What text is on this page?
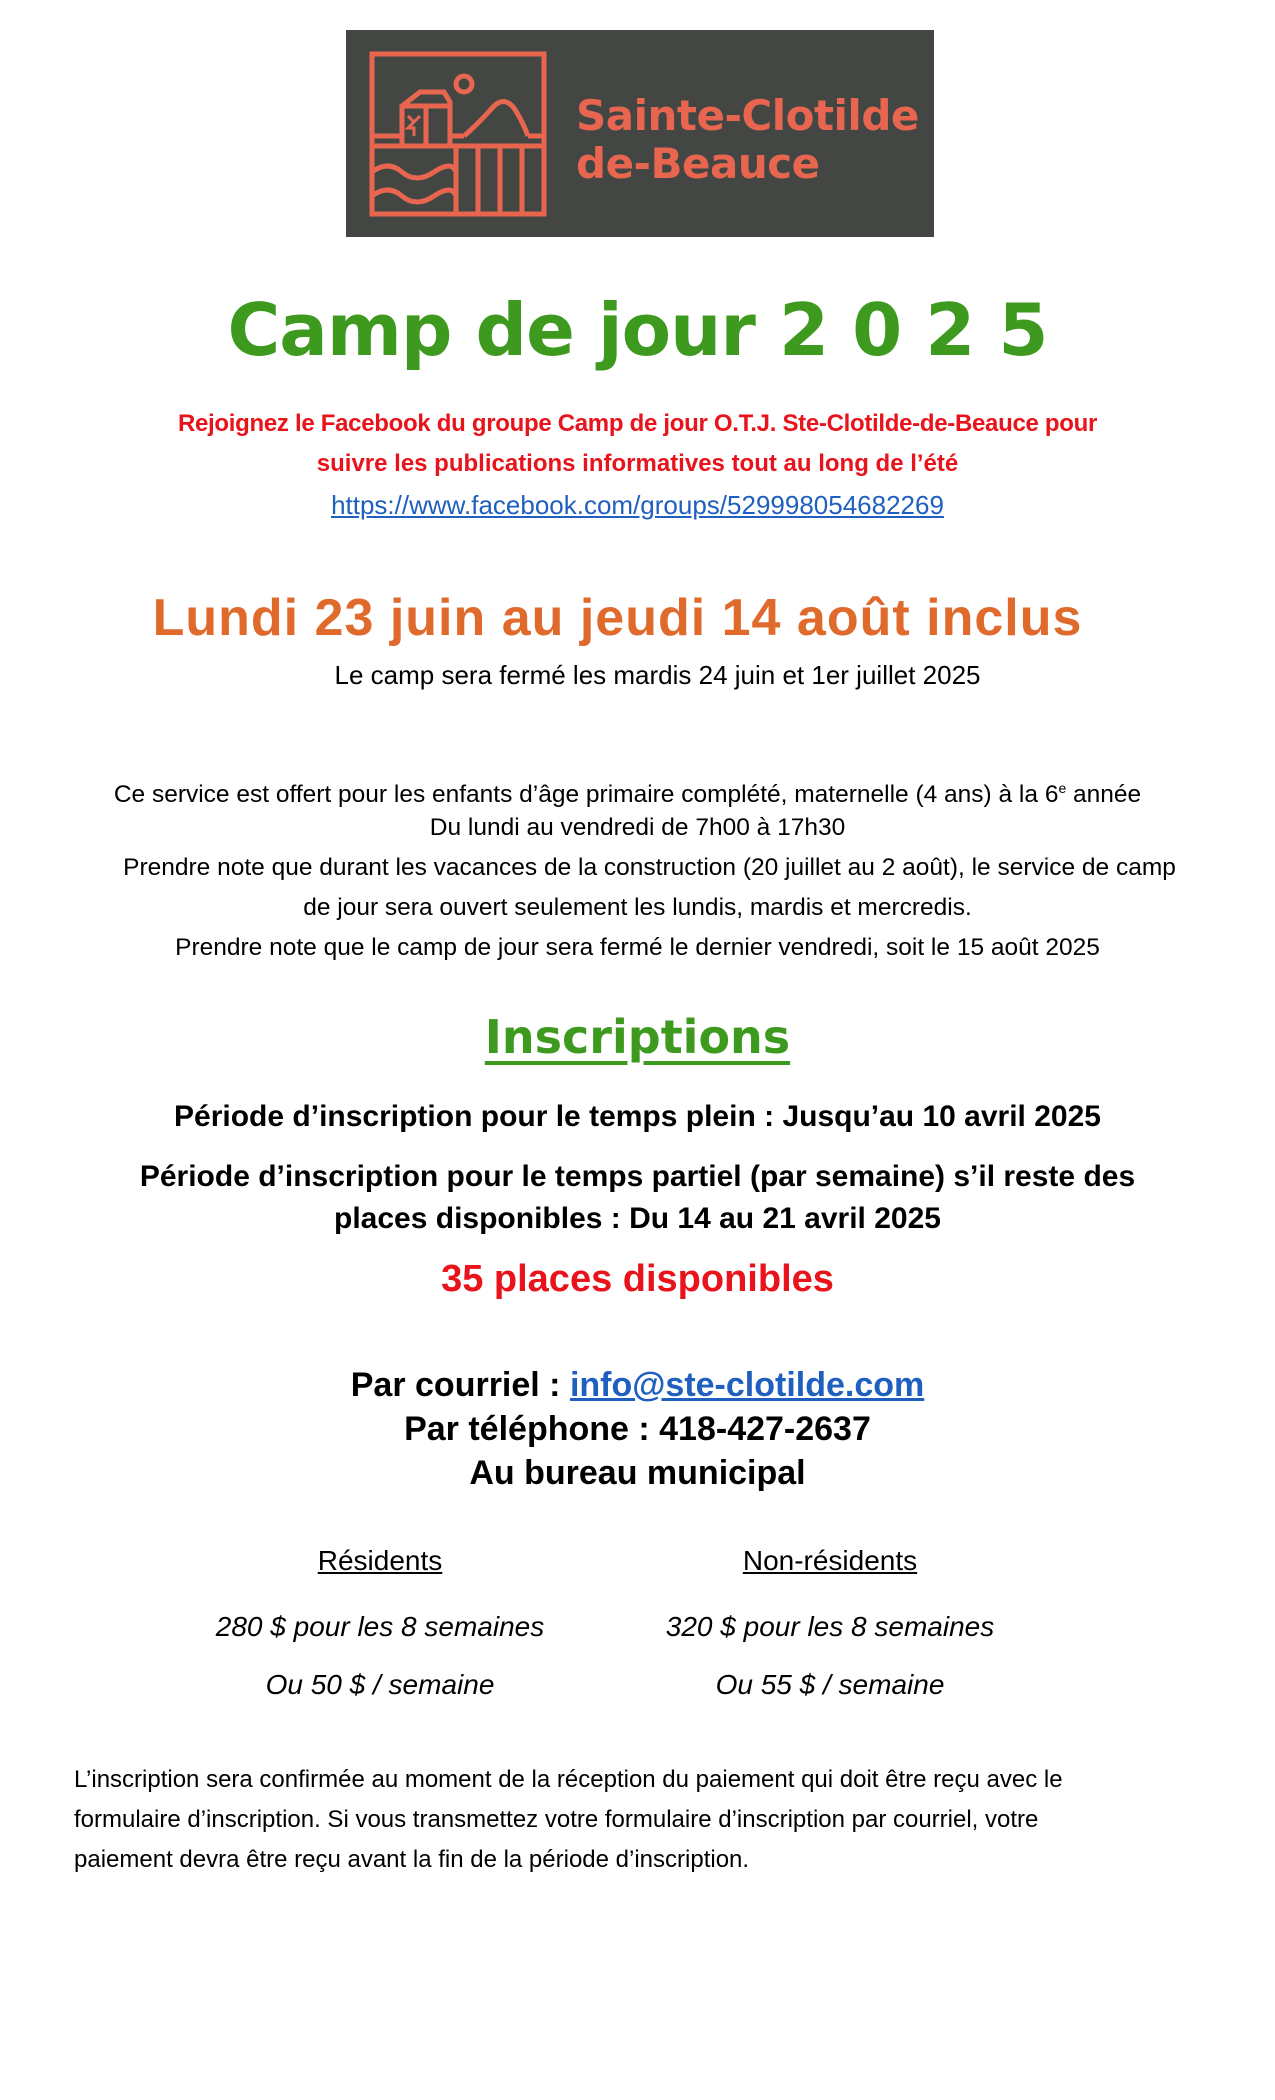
Sainte-Clotilde
de-Beauce
Camp de jour 2 0 2 5
Rejoignez le Facebook du groupe Camp de jour O.T.J. Ste-Clotilde-de-Beauce pour
suivre les publications informatives tout au long de l’été
https://www.facebook.com/groups/529998054682269
Lundi 23 juin au jeudi 14 août inclus
Le camp sera fermé les mardis 24 juin et 1er juillet 2025
Ce service est offert pour les enfants d’âge primaire complété, maternelle (4 ans) à la 6e année
Du lundi au vendredi de 7h00 à 17h30
Prendre note que durant les vacances de la construction (20 juillet au 2 août), le service de camp
de jour sera ouvert seulement les lundis, mardis et mercredis.
Prendre note que le camp de jour sera fermé le dernier vendredi, soit le 15 août 2025
Inscriptions
Période d’inscription pour le temps plein : Jusqu’au 10 avril 2025
Période d’inscription pour le temps partiel (par semaine) s’il reste des
places disponibles : Du 14 au 21 avril 2025
35 places disponibles
Par courriel : info@ste-clotilde.com
Par téléphone : 418-427-2637
Au bureau municipal
Résidents
280 $ pour les 8 semaines
Ou 50 $ / semaine
Non-résidents
320 $ pour les 8 semaines
Ou 55 $ / semaine
L’inscription sera confirmée au moment de la réception du paiement qui doit être reçu avec le
formulaire d’inscription. Si vous transmettez votre formulaire d’inscription par courriel, votre
paiement devra être reçu avant la fin de la période d’inscription.
